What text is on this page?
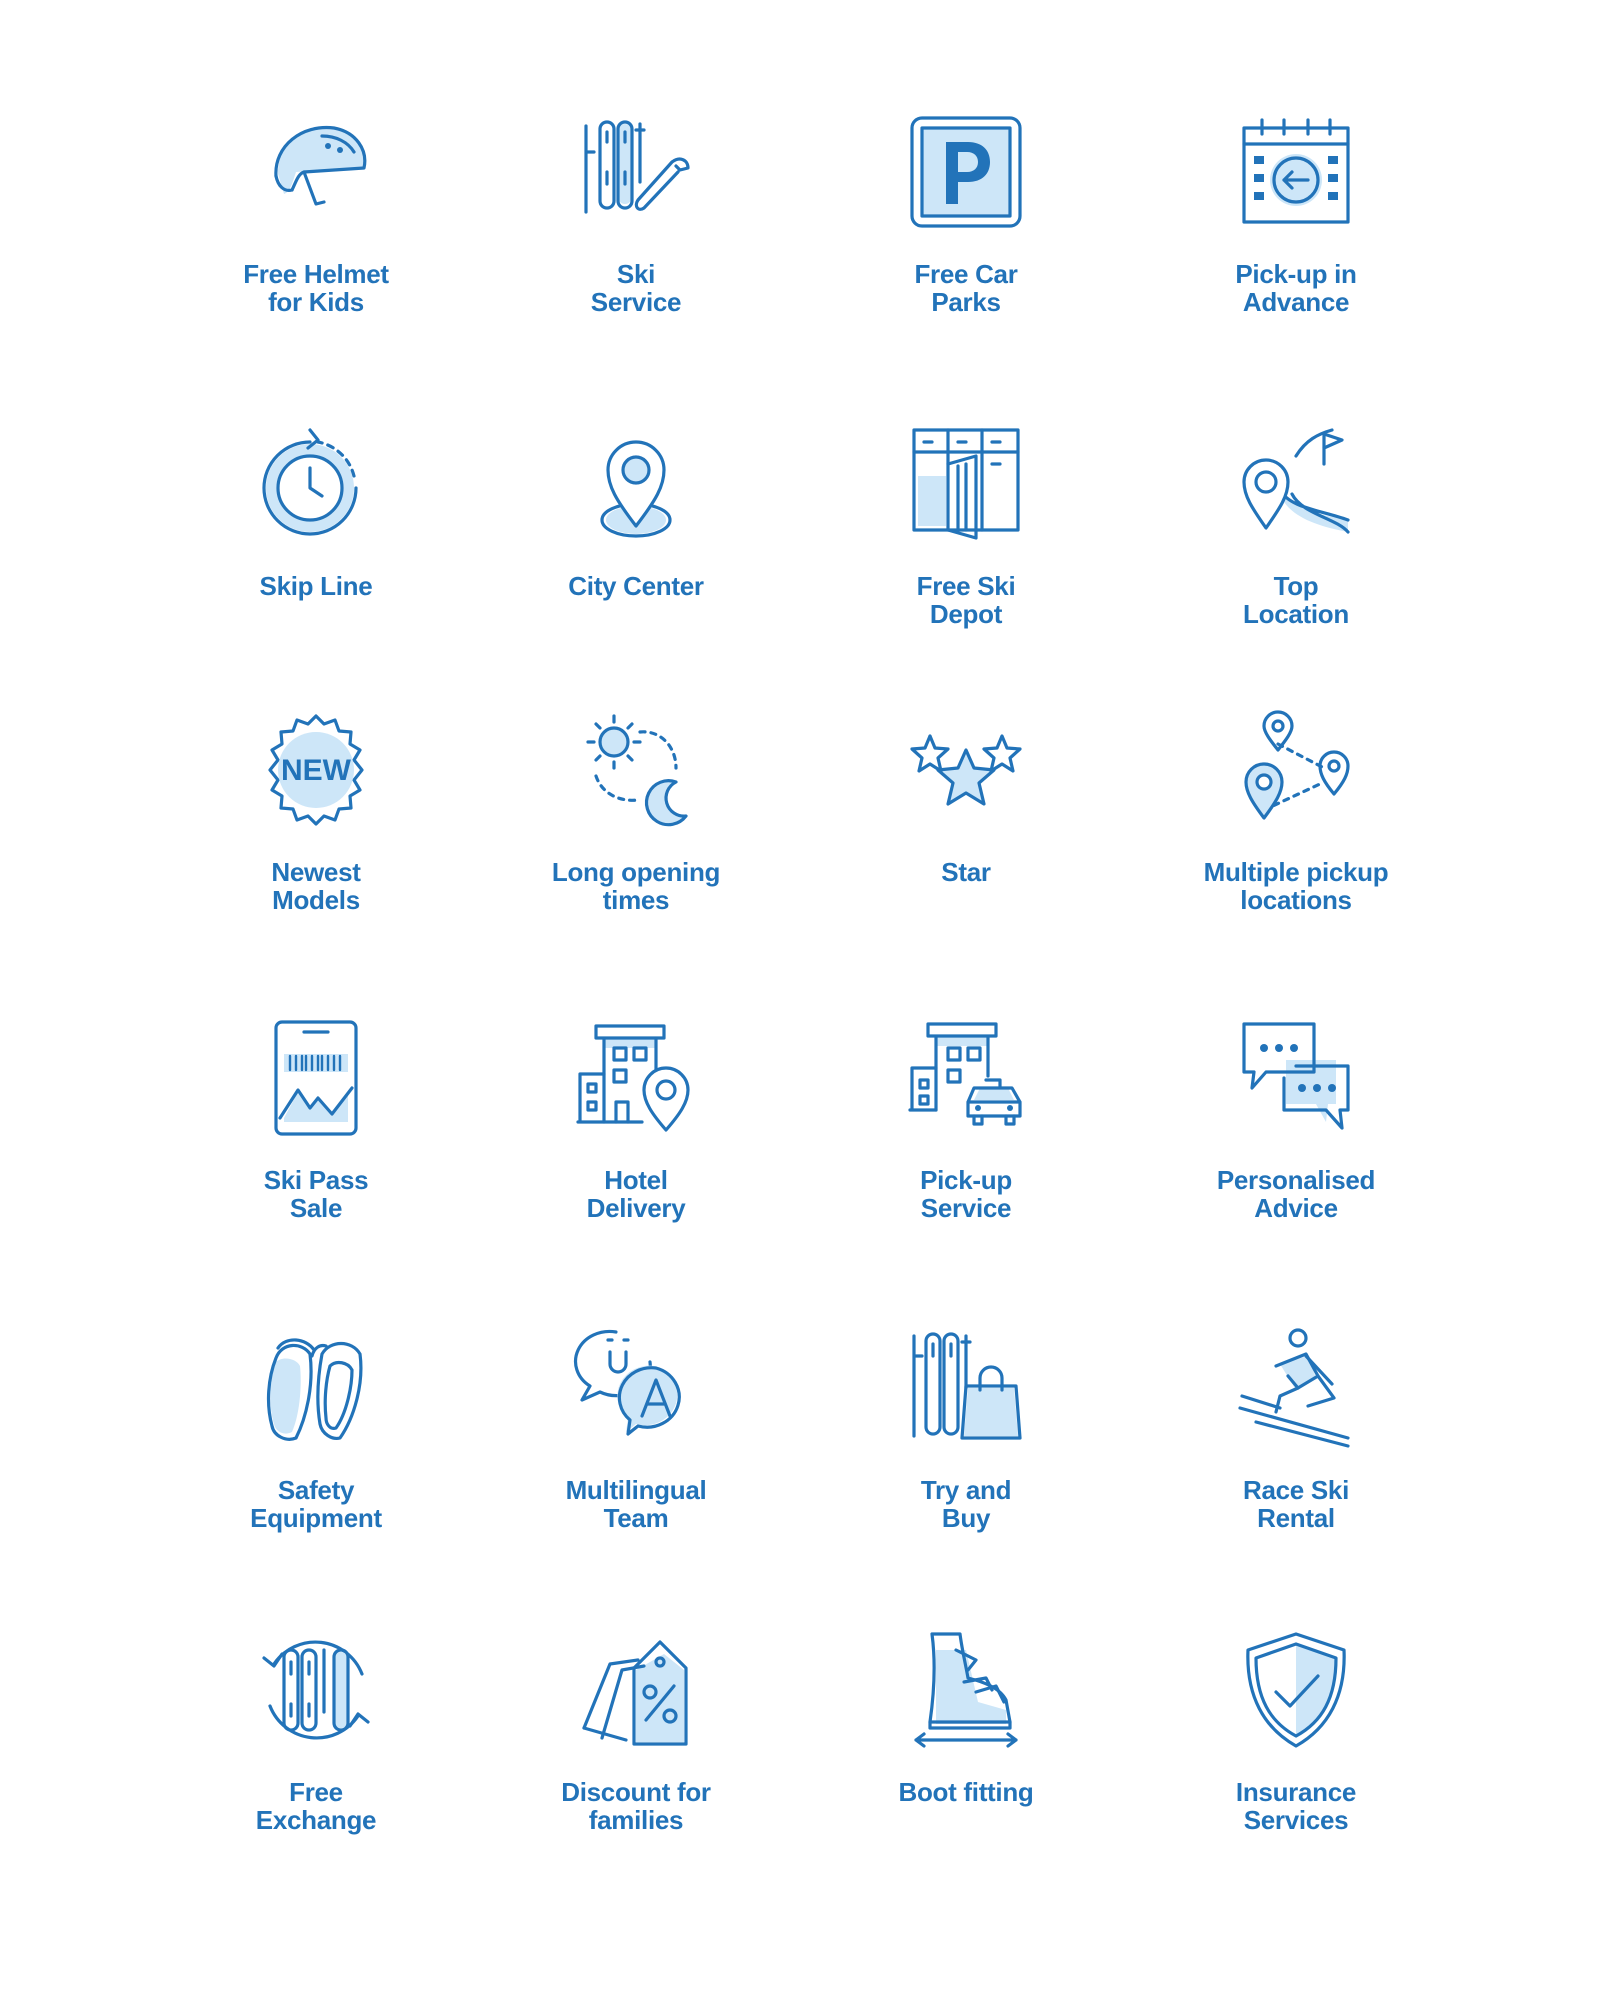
Free Helmet
for Kids
Ski
Service
Free Car
Parks
Pick-up in
Advance
Skip Line	City Center	Free Ski
Depot
Top
Location
NEW
Newest
Models
Long opening
times
Star	Multiple pickup
locations
Ski Pass
Sale
Hotel
Delivery
Pick-up
Service
Personalised
Advice
Safety
Equipment
Multilingual
Team
Try and
Buy
Race Ski
Rental
Free
Exchange
Discount for
families
Boot fitting	Insurance
Services
